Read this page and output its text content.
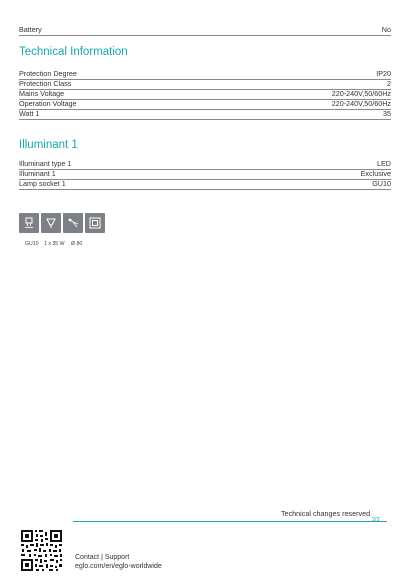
Battery	No
Technical Information
Protection Degree	IP20
Protection Class	2
Mains Voltage	220-240V,50/60Hz
Operation Voltage	220-240V,50/60Hz
Watt 1	35
Illuminant 1
Illuminant type 1	LED
Illuminant 1	Exclusive
Lamp socket 1	GU10
GU10	1 x 35 W	Ø 80
Technical changes reserved
2/2
Contact | Support
eglo.com/en/eglo-worldwide
